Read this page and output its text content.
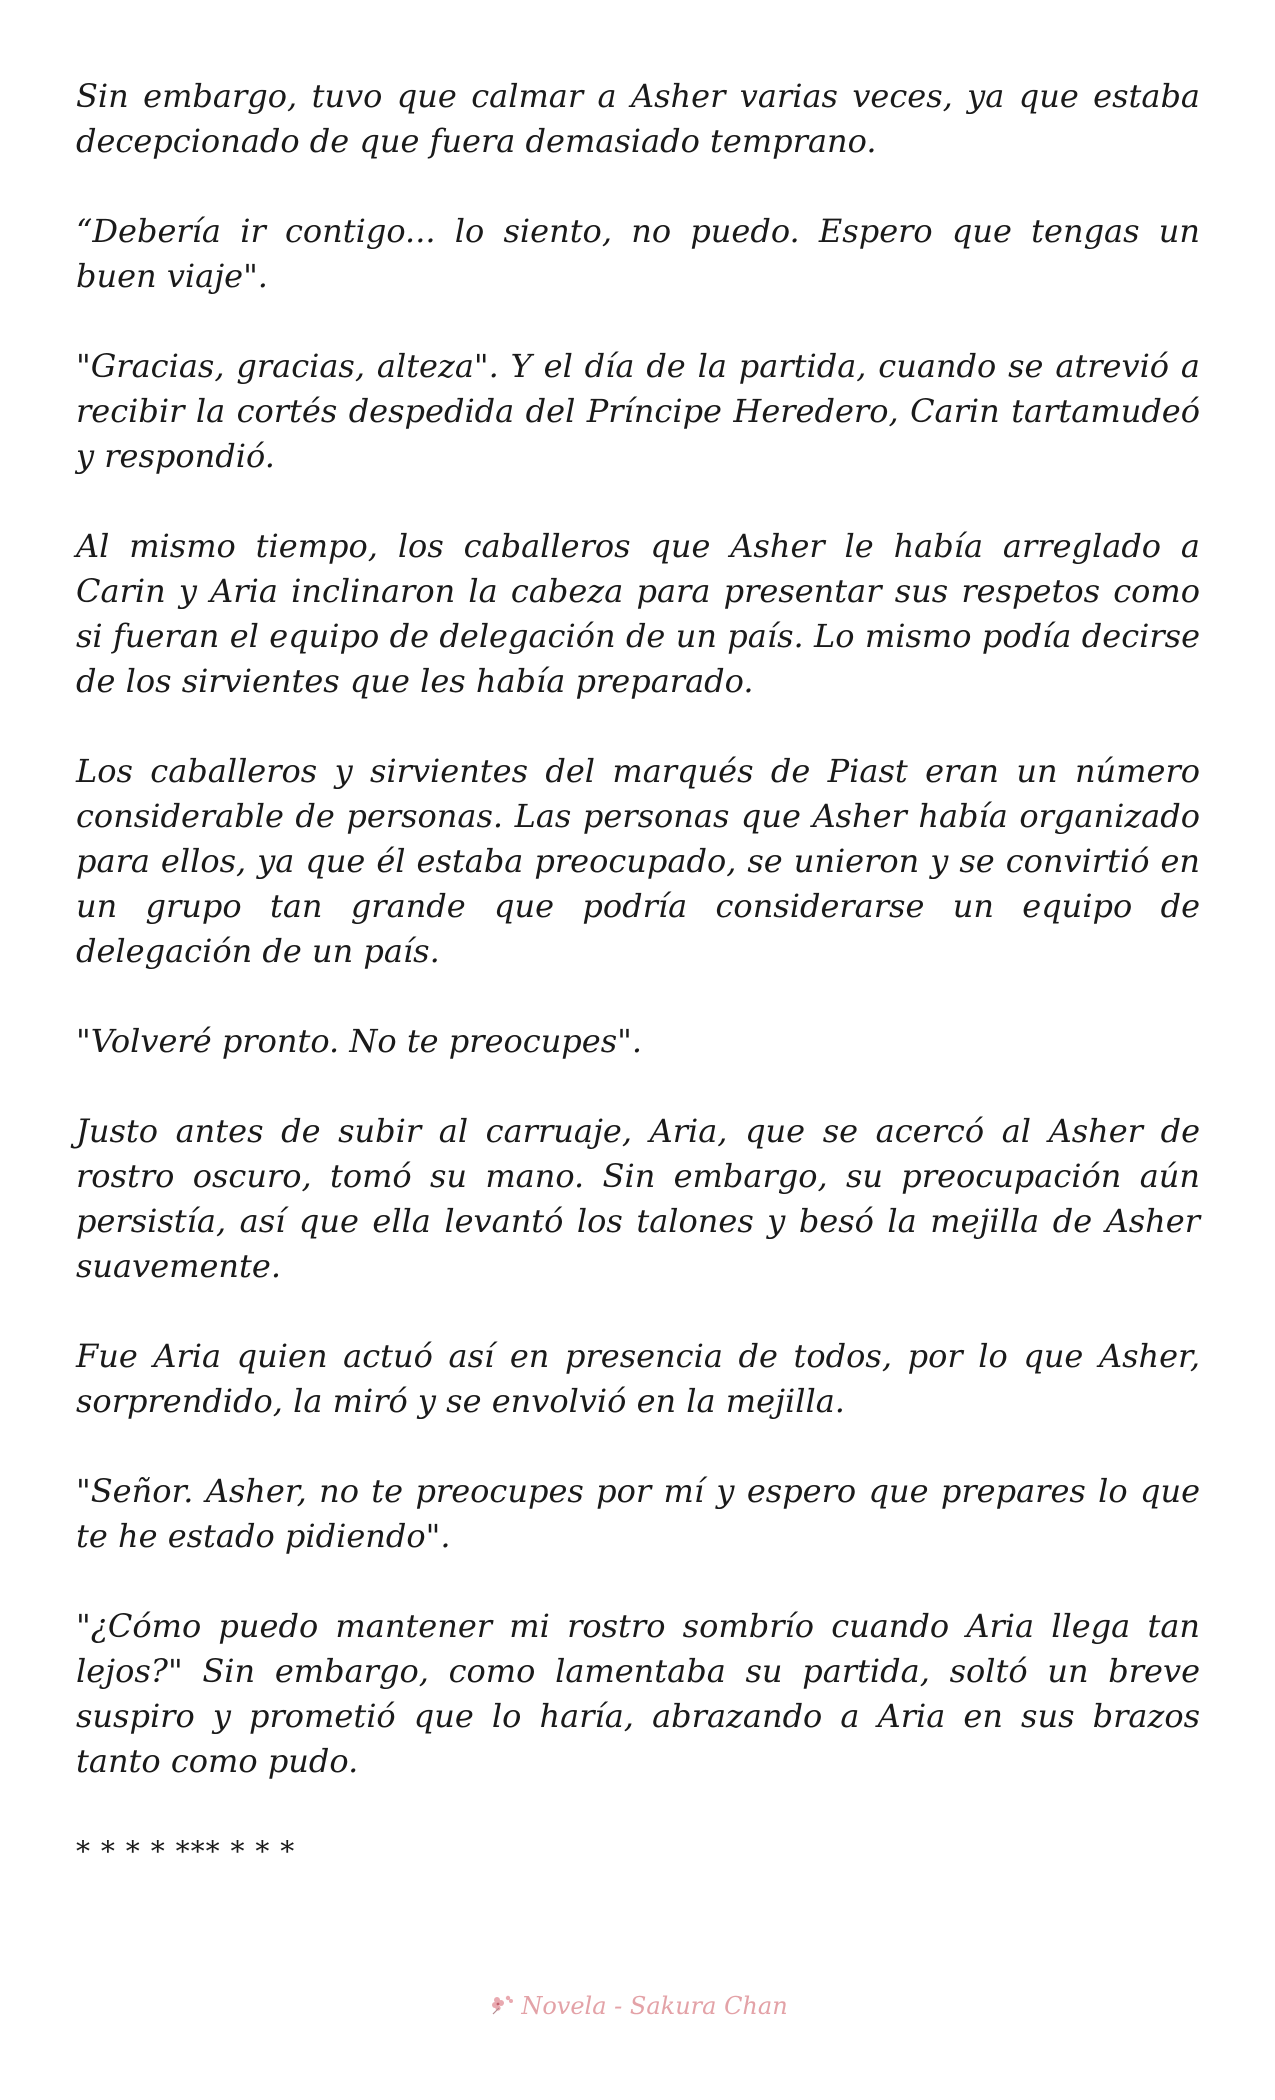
Sin embargo, tuvo que calmar a Asher varias veces, ya que estaba decepcionado de que fuera demasiado temprano.

“Debería ir contigo... lo siento, no puedo. Espero que tengas un buen viaje".

"Gracias, gracias, alteza". Y el día de la partida, cuando se atrevió a recibir la cortés despedida del Príncipe Heredero, Carin tartamudeó y respondió.

Al mismo tiempo, los caballeros que Asher le había arreglado a Carin y Aria inclinaron la cabeza para presentar sus respetos como si fueran el equipo de delegación de un país. Lo mismo podía decirse de los sirvientes que les había preparado.

Los caballeros y sirvientes del marqués de Piast eran un número considerable de personas. Las personas que Asher había organizado para ellos, ya que él estaba preocupado, se unieron y se convirtió en un grupo tan grande que podría considerarse un equipo de delegación de un país.

"Volveré pronto. No te preocupes".

Justo antes de subir al carruaje, Aria, que se acercó al Asher de rostro oscuro, tomó su mano. Sin embargo, su preocupación aún persistía, así que ella levantó los talones y besó la mejilla de Asher suavemente.

Fue Aria quien actuó así en presencia de todos, por lo que Asher, sorprendido, la miró y se envolvió en la mejilla.

"Señor. Asher, no te preocupes por mí y espero que prepares lo que te he estado pidiendo".

"¿Cómo puedo mantener mi rostro sombrío cuando Aria llega tan lejos?" Sin embargo, como lamentaba su partida, soltó un breve suspiro y prometió que lo haría, abrazando a Aria en sus brazos tanto como pudo.

* * * * *** * * *

Novela - Sakura Chan
